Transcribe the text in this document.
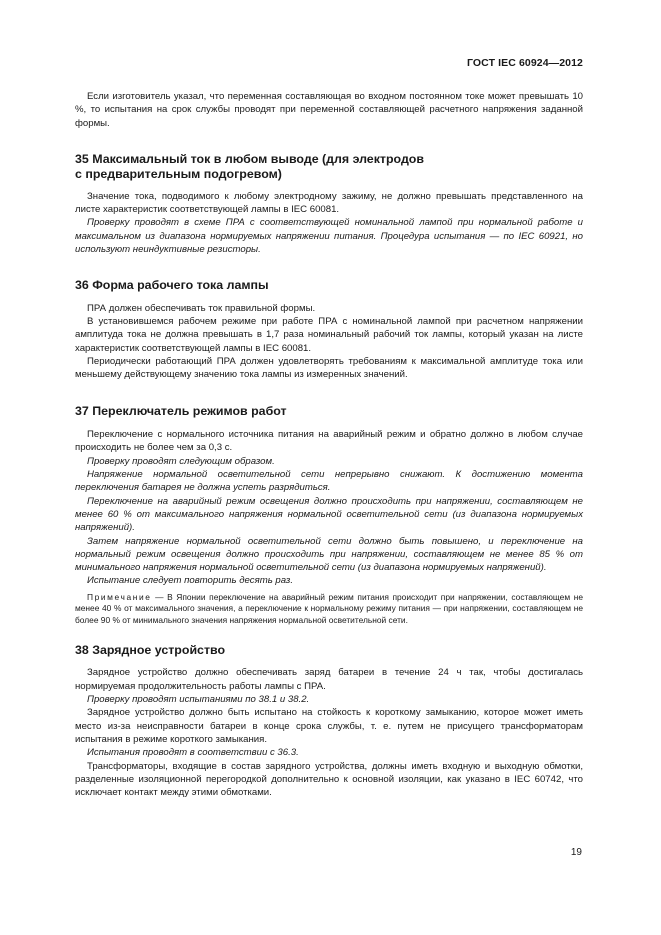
ГОСТ IEC 60924—2012

Если изготовитель указал, что переменная составляющая во входном постоянном токе может превышать 10 %, то испытания на срок службы проводят при переменной составляющей расчетного напряжения заданной формы.

35 Максимальный ток в любом выводе (для электродов
с предварительным подогревом)

Значение тока, подводимого к любому электродному зажиму, не должно превышать представленного на листе характеристик соответствующей лампы в IEC 60081.

Проверку проводят в схеме ПРА с соответствующей номинальной лампой при нормальной работе и максимальном из диапазона нормируемых напряжении питания. Процедура испытания — по IEC 60921, но используют неиндуктивные резисторы.

36 Форма рабочего тока лампы

ПРА должен обеспечивать ток правильной формы.

В установившемся рабочем режиме при работе ПРА с номинальной лампой при расчетном напряжении амплитуда тока не должна превышать в 1,7 раза номинальный рабочий ток лампы, который указан на листе характеристик соответствующей лампы в IEC 60081.

Периодически работающий ПРА должен удовлетворять требованиям к максимальной амплитуде тока или меньшему действующему значению тока лампы из измеренных значений.

37 Переключатель режимов работ

Переключение с нормального источника питания на аварийный режим и обратно должно в любом случае происходить не более чем за 0,3 с.

Проверку проводят следующим образом.

Напряжение нормальной осветительной сети непрерывно снижают. К достижению момента переключения батарея не должна успеть разрядиться.

Переключение на аварийный режим освещения должно происходить при напряжении, составляющем не менее 60 % от максимального напряжения нормальной осветительной сети (из диапазона нормируемых напряжений).

Затем напряжение нормальной осветительной сети должно быть повышено, и переключение на нормальный режим освещения должно происходить при напряжении, составляющем не менее 85 % от минимального напряжения нормальной осветительной сети (из диапазона нормируемых напряжений).

Испытание следует повторить десять раз.

Примечание — В Японии переключение на аварийный режим питания происходит при напряжении, составляющем не менее 40 % от максимального значения, а переключение к нормальному режиму питания — при напряжении, составляющем не более 90 % от минимального значения напряжения нормальной осветительной сети.

38 Зарядное устройство

Зарядное устройство должно обеспечивать заряд батареи в течение 24 ч так, чтобы достигалась нормируемая продолжительность работы лампы с ПРА.

Проверку проводят испытаниями по 38.1 и 38.2.

Зарядное устройство должно быть испытано на стойкость к короткому замыканию, которое может иметь место из-за неисправности батареи в конце срока службы, т. е. путем не присущего трансформаторам испытания в режиме короткого замыкания.

Испытания проводят в соответствии с 36.3.

Трансформаторы, входящие в состав зарядного устройства, должны иметь входную и выходную обмотки, разделенные изоляционной перегородкой дополнительно к основной изоляции, как указано в IEC 60742, что исключает контакт между этими обмотками.

19
